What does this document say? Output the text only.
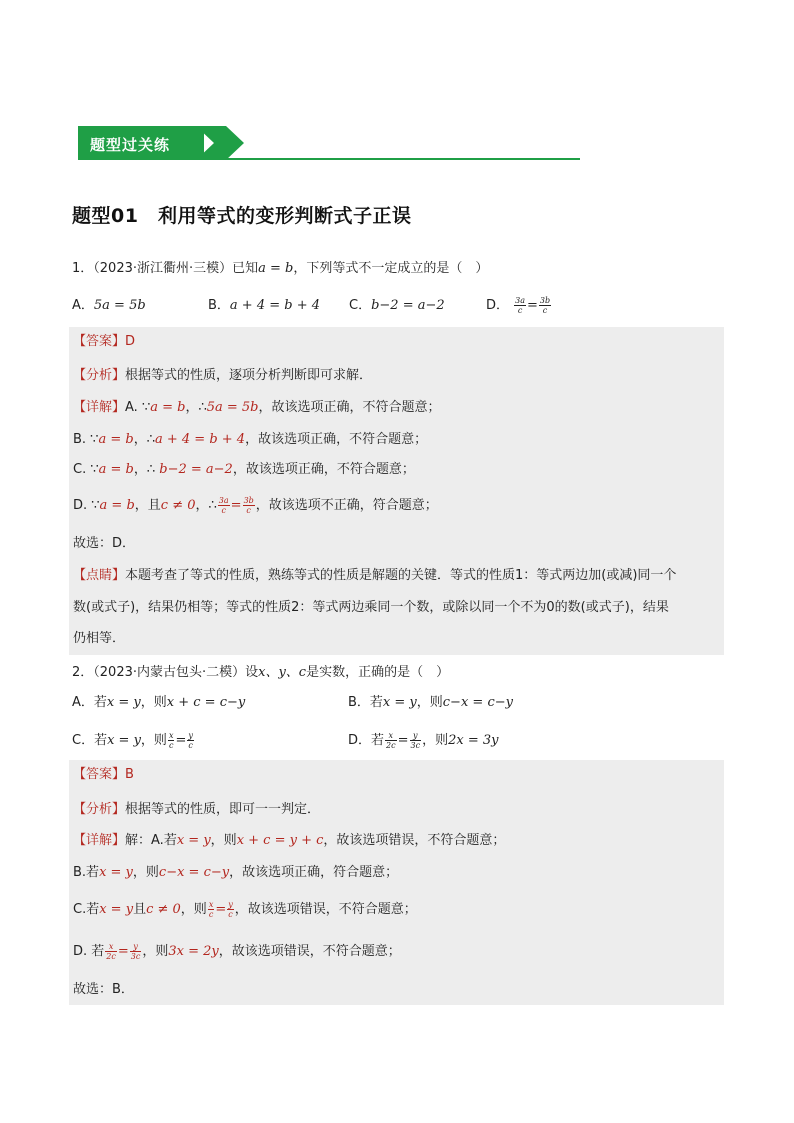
题型过关练
题型01　利用等式的变形判断式子正误
1．（2023·浙江衢州·三模）已知a = b，下列等式不一定成立的是（　）
A．5a = 5b	B．a + 4 = b + 4 C．b−2 = a−2	D． $\frac{3a}{c} = \frac{3b}{c}$
【答案】D
【分析】根据等式的性质，逐项分析判断即可求解．
【详解】A. ∵a = b，∴5a = 5b，故该选项正确，不符合题意；
B. ∵a = b，∴a + 4 = b + 4，故该选项正确，不符合题意；
C. ∵a = b，∴ b−2 = a−2，故该选项正确，不符合题意；
D. ∵a = b，且c ≠ 0，∴ $\frac{3a}{c} = \frac{3b}{c}$ ，故该选项不正确，符合题意；
故选：D．
【点睛】本题考查了等式的性质，熟练等式的性质是解题的关键．等式的性质1：等式两边加(或减)同一个
数(或式子)，结果仍相等；等式的性质2：等式两边乘同一个数，或除以同一个不为0的数(或式子)，结果
仍相等．
2．（2023·内蒙古包头·二模）设x、y、c是实数，正确的是（　）
A．若x = y，则x + c = c−y	B．若x = y，则c−x = c−y
C．若x = y，则 $\frac{x}{c} = \frac{y}{c}$	D．若 $\frac{x}{2c} = \frac{y}{3c}$ ，则2x = 3y
【答案】B
【分析】根据等式的性质，即可一一判定．
【详解】解：A.若x = y，则x + c = y + c，故该选项错误，不符合题意；
B.若x = y，则c−x = c−y，故该选项正确，符合题意；
C.若x = y且c ≠ 0，则 $\frac{x}{c} = \frac{y}{c}$ ，故该选项错误，不符合题意；
D. 若 $\frac{x}{2c} = \frac{y}{3c}$ ，则3x = 2y，故该选项错误，不符合题意；
故选：B．
